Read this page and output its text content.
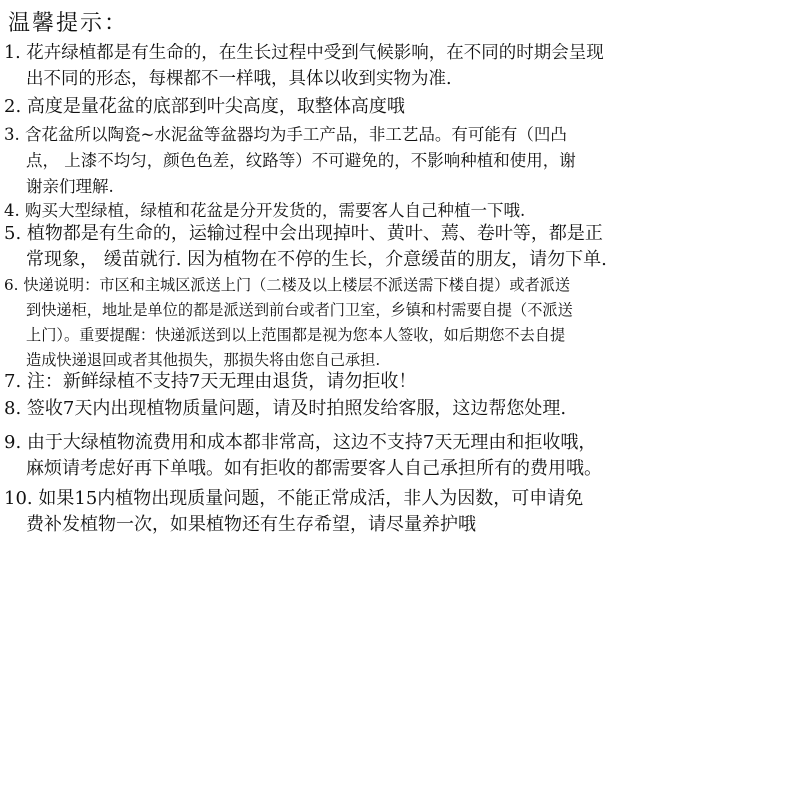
温馨提示：
1. 花卉绿植都是有生命的，在生长过程中受到气候影响，在不同的时期会呈现
出不同的形态，每棵都不一样哦，具体以收到实物为准.
2. 高度是量花盆的底部到叶尖高度，取整体高度哦
3. 含花盆所以陶瓷~水泥盆等盆器均为手工产品，非工艺品。有可能有（凹凸
点， 上漆不均匀，颜色色差，纹路等）不可避免的，不影响种植和使用，谢
谢亲们理解.
4. 购买大型绿植，绿植和花盆是分开发货的，需要客人自己种植一下哦.
5. 植物都是有生命的，运输过程中会出现掉叶、黄叶、蔫、卷叶等，都是正
常现象， 缓苗就行. 因为植物在不停的生长，介意缓苗的朋友，请勿下单.
6. 快递说明：市区和主城区派送上门（二楼及以上楼层不派送需下楼自提）或者派送
到快递柜，地址是单位的都是派送到前台或者门卫室，乡镇和村需要自提（不派送
上门）。重要提醒：快递派送到以上范围都是视为您本人签收，如后期您不去自提
造成快递退回或者其他损失，那损失将由您自己承担.
7. 注：新鲜绿植不支持7天无理由退货，请勿拒收！
8. 签收7天内出现植物质量问题，请及时拍照发给客服，这边帮您处理.
9. 由于大绿植物流费用和成本都非常高，这边不支持7天无理由和拒收哦，
麻烦请考虑好再下单哦。如有拒收的都需要客人自己承担所有的费用哦。
10. 如果15内植物出现质量问题，不能正常成活，非人为因数，可申请免
费补发植物一次，如果植物还有生存希望，请尽量养护哦
